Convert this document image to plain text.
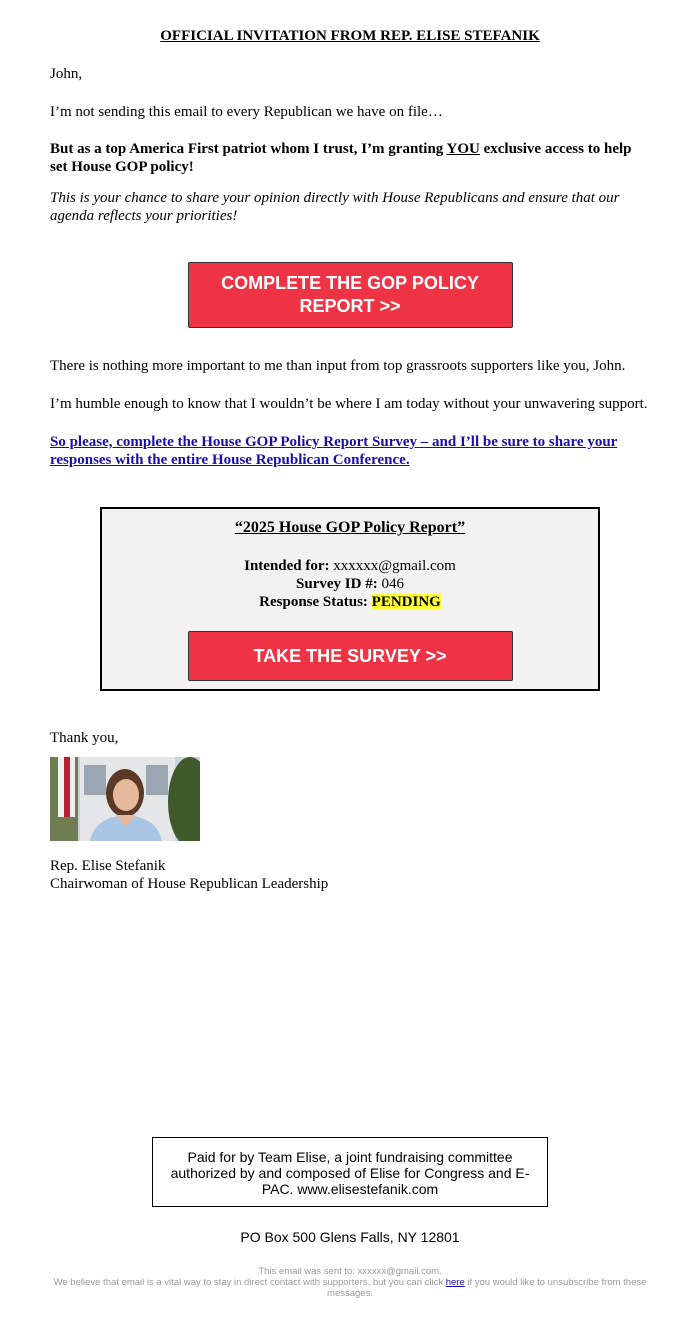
OFFICIAL INVITATION FROM REP. ELISE STEFANIK
John,
I’m not sending this email to every Republican we have on file…
But as a top America First patriot whom I trust, I’m granting YOU exclusive access to help set House GOP policy!
This is your chance to share your opinion directly with House Republicans and ensure that our agenda reflects your priorities!
COMPLETE THE GOP POLICY REPORT >>
There is nothing more important to me than input from top grassroots supporters like you, John.
I’m humble enough to know that I wouldn’t be where I am today without your unwavering support.
So please, complete the House GOP Policy Report Survey – and I’ll be sure to share your responses with the entire House Republican Conference.
“2025 House GOP Policy Report”
Intended for: xxxxxx@gmail.com
Survey ID #: 046
Response Status: PENDING
TAKE THE SURVEY >>
Thank you,
Rep. Elise Stefanik
Chairwoman of House Republican Leadership
Paid for by Team Elise, a joint fundraising committee authorized by and composed of Elise for Congress and E-PAC. www.elisestefanik.com
PO Box 500 Glens Falls, NY 12801
This email was sent to: xxxxxx@gmail.com.
We believe that email is a vital way to stay in direct contact with supporters, but you can click here if you would like to unsubscribe from these messages.
